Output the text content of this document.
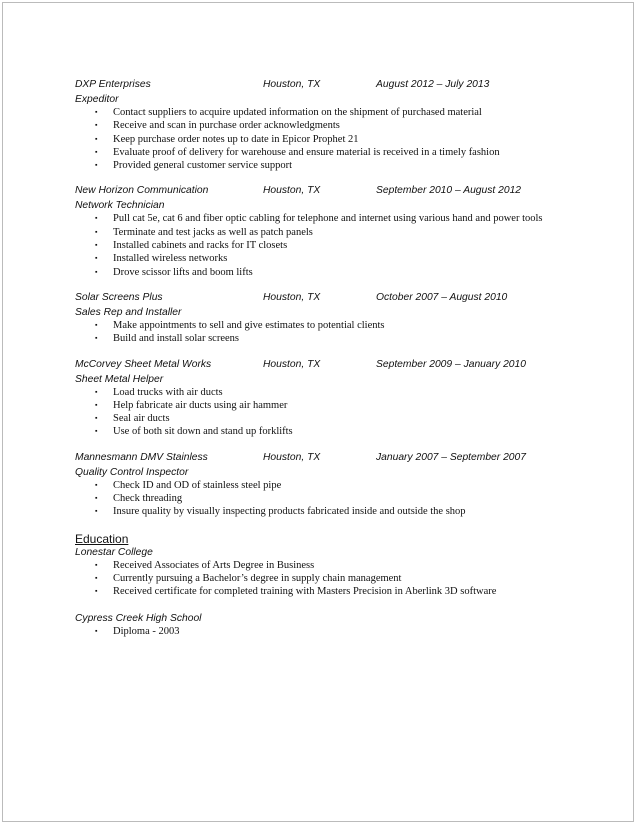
DXP Enterprises	Houston, TX	August 2012 – July 2013
Expeditor
▪ Contact suppliers to acquire updated information on the shipment of purchased material
▪ Receive and scan in purchase order acknowledgments
▪ Keep purchase order notes up to date in Epicor Prophet 21
▪ Evaluate proof of delivery for warehouse and ensure material is received in a timely fashion
▪ Provided general customer service support
New Horizon Communication	Houston, TX	September 2010 – August 2012
Network Technician
▪ Pull cat 5e, cat 6 and fiber optic cabling for telephone and internet using various hand and power tools
▪ Terminate and test jacks as well as patch panels
▪ Installed cabinets and racks for IT closets
▪ Installed wireless networks
▪ Drove scissor lifts and boom lifts
Solar Screens Plus	Houston, TX	October 2007 – August 2010
Sales Rep and Installer
▪ Make appointments to sell and give estimates to potential clients
▪ Build and install solar screens
McCorvey Sheet Metal Works	Houston, TX	September 2009 – January 2010
Sheet Metal Helper
▪ Load trucks with air ducts
▪ Help fabricate air ducts using air hammer
▪ Seal air ducts
▪ Use of both sit down and stand up forklifts
Mannesmann DMV Stainless	Houston, TX	January 2007 – September 2007
Quality Control Inspector
▪ Check ID and OD of stainless steel pipe
▪ Check threading
▪ Insure quality by visually inspecting products fabricated inside and outside the shop
Education
Lonestar College
▪ Received Associates of Arts Degree in Business
▪ Currently pursuing a Bachelor’s degree in supply chain management
▪ Received certificate for completed training with Masters Precision in Aberlink 3D software
Cypress Creek High School
▪ Diploma - 2003
